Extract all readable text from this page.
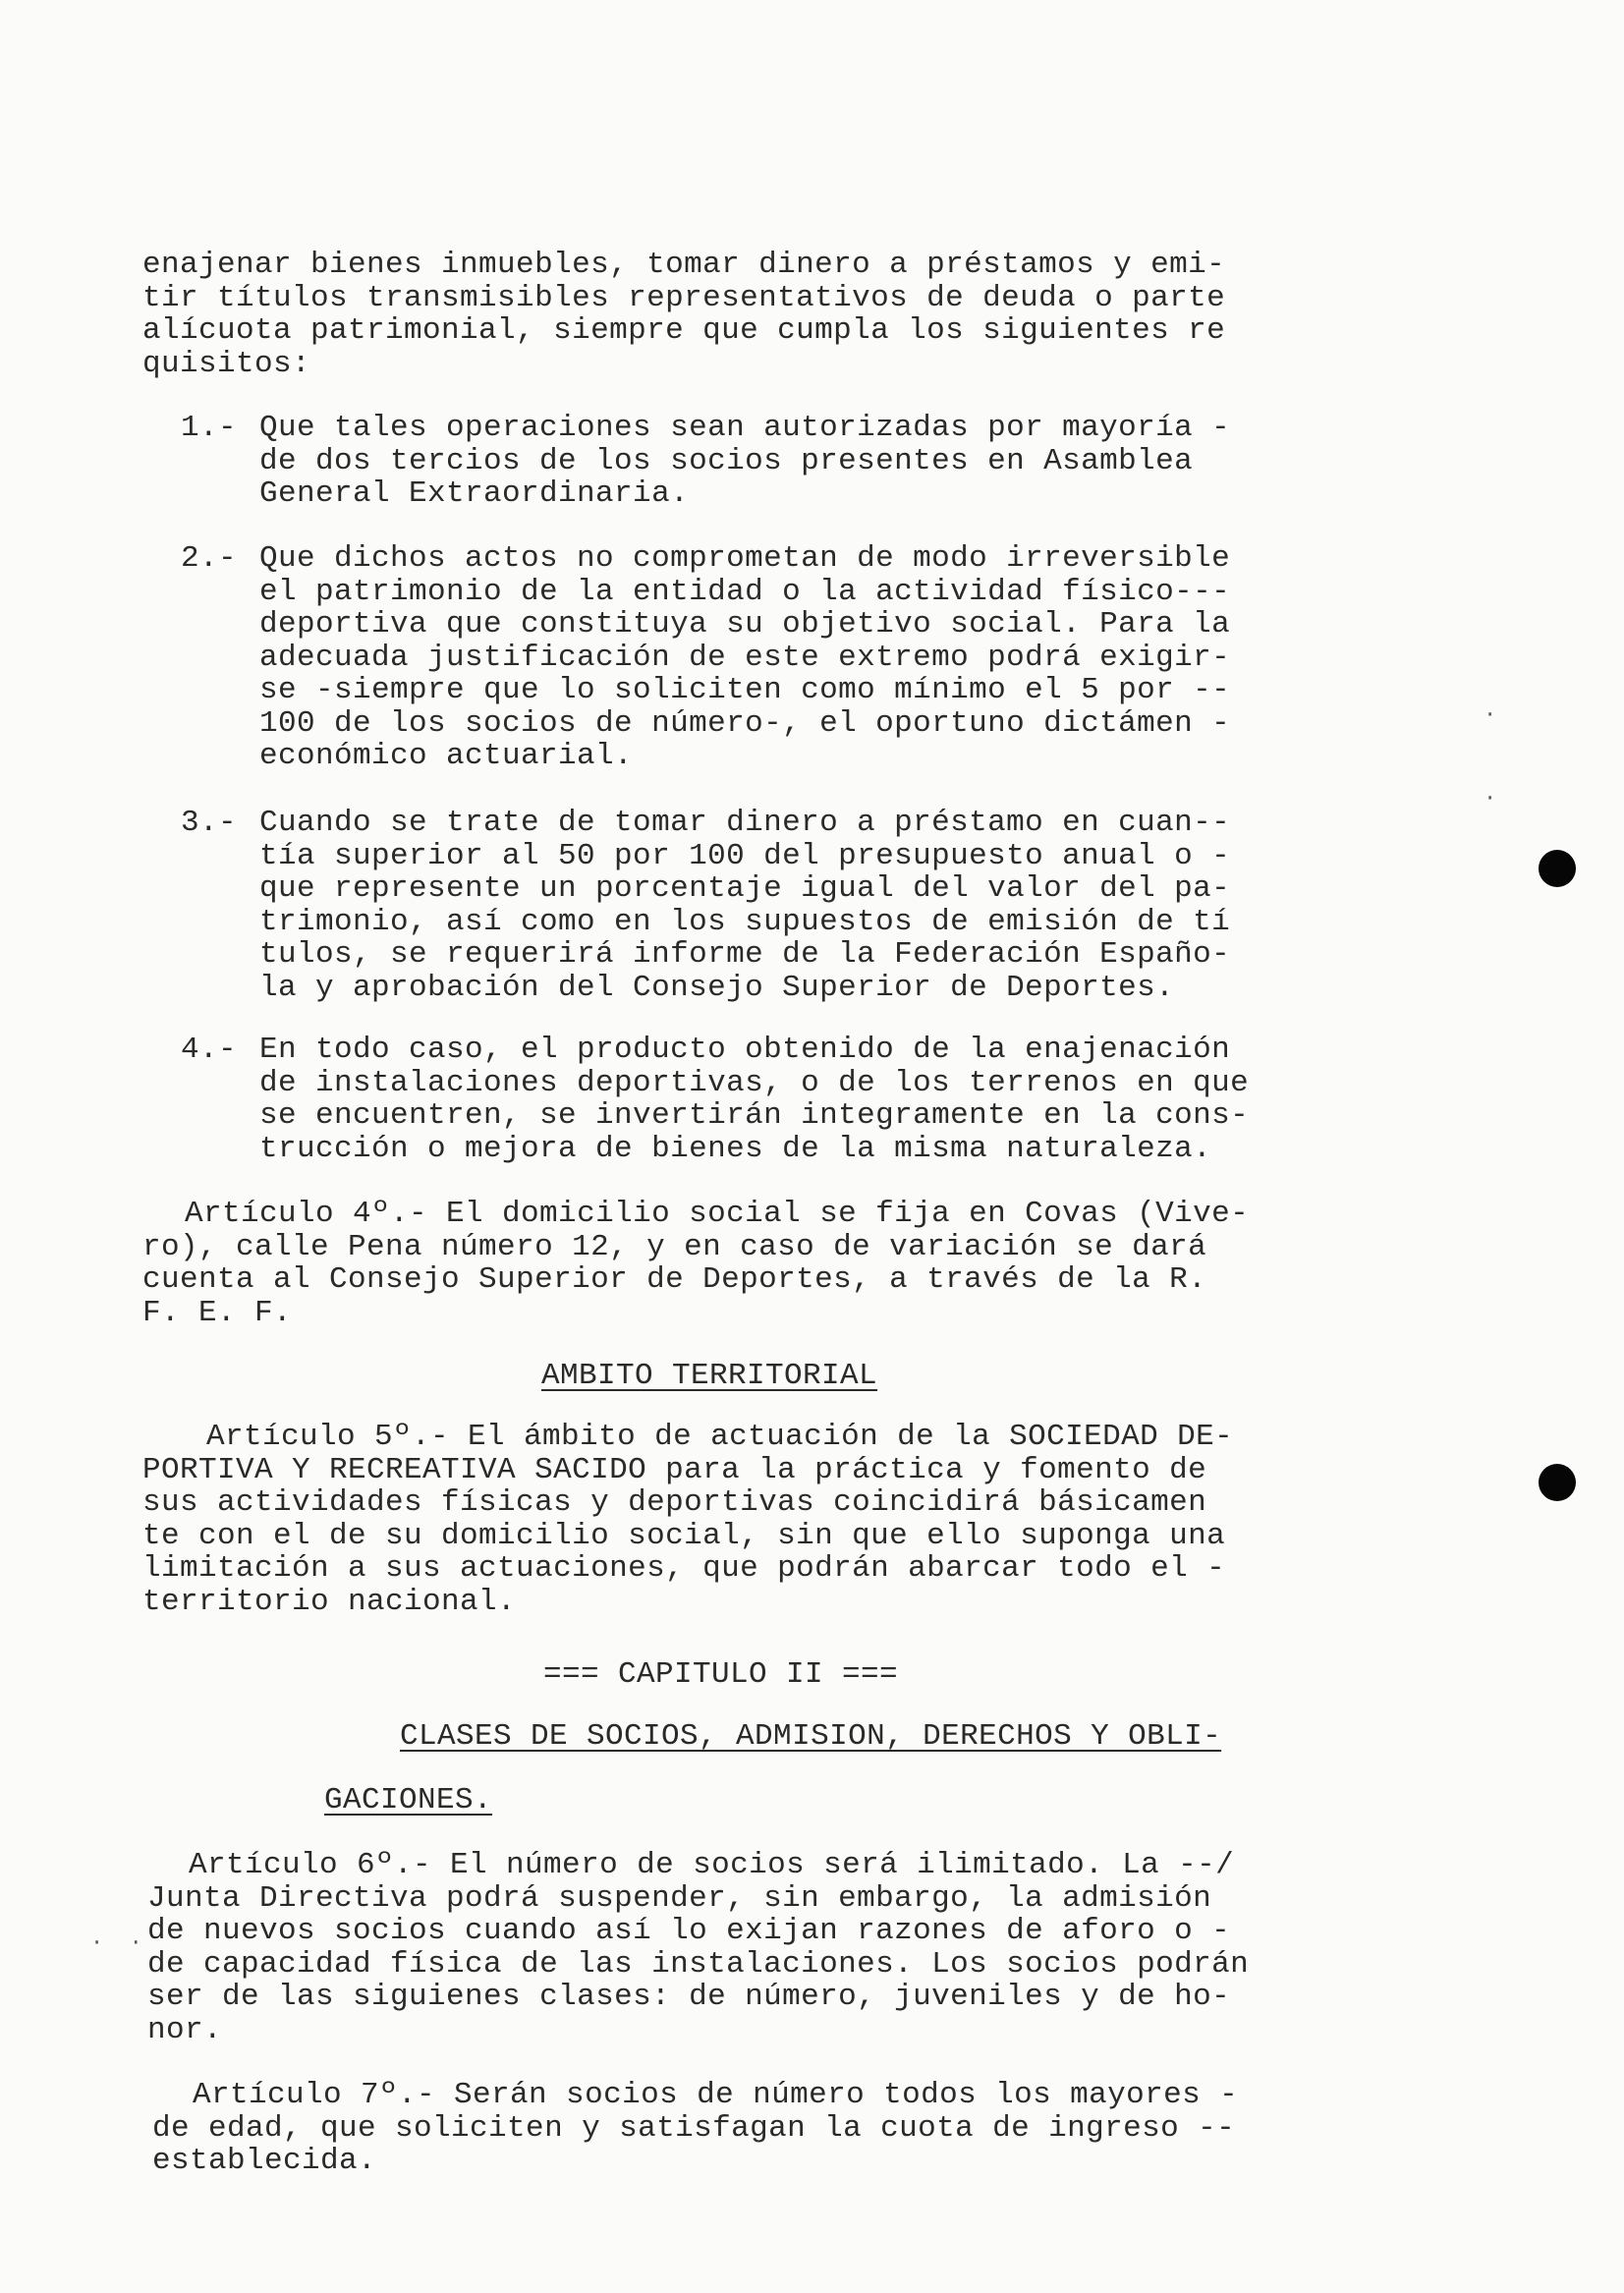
enajenar bienes inmuebles, tomar dinero a préstamos y emi-
tir títulos transmisibles representativos de deuda o parte
alícuota patrimonial, siempre que cumpla los siguientes re
quisitos:
1.- Que tales operaciones sean autorizadas por mayoría -
de dos tercios de los socios presentes en Asamblea
General Extraordinaria.
2.- Que dichos actos no comprometan de modo irreversible
el patrimonio de la entidad o la actividad físico---
deportiva que constituya su objetivo social. Para la
adecuada justificación de este extremo podrá exigir-
se -siempre que lo soliciten como mínimo el 5 por --
100 de los socios de número-, el oportuno dictámen -
económico actuarial.
3.- Cuando se trate de tomar dinero a préstamo en cuan--
tía superior al 50 por 100 del presupuesto anual o -
que represente un porcentaje igual del valor del pa-
trimonio, así como en los supuestos de emisión de tí
tulos, se requerirá informe de la Federación Españo-
la y aprobación del Consejo Superior de Deportes.
4.- En todo caso, el producto obtenido de la enajenación
de instalaciones deportivas, o de los terrenos en que
se encuentren, se invertirán integramente en la cons-
trucción o mejora de bienes de la misma naturaleza.
Artículo 4º.- El domicilio social se fija en Covas (Vive-
ro), calle Pena número 12, y en caso de variación se dará
cuenta al Consejo Superior de Deportes, a través de la R.
F. E. F.
AMBITO TERRITORIAL
Artículo 5º.- El ámbito de actuación de la SOCIEDAD DE-
PORTIVA Y RECREATIVA SACIDO para la práctica y fomento de
sus actividades físicas y deportivas coincidirá básicamen
te con el de su domicilio social, sin que ello suponga una
limitación a sus actuaciones, que podrán abarcar todo el -
territorio nacional.
=== CAPITULO II ===
CLASES DE SOCIOS, ADMISION, DERECHOS Y OBLI-
GACIONES.
Artículo 6º.- El número de socios será ilimitado. La --/
Junta Directiva podrá suspender, sin embargo, la admisión
de nuevos socios cuando así lo exijan razones de aforo o -
de capacidad física de las instalaciones. Los socios podrán
ser de las siguienes clases: de número, juveniles y de ho-
nor.
Artículo 7º.- Serán socios de número todos los mayores -
de edad, que soliciten y satisfagan la cuota de ingreso --
establecida.
·
·
·  ·
